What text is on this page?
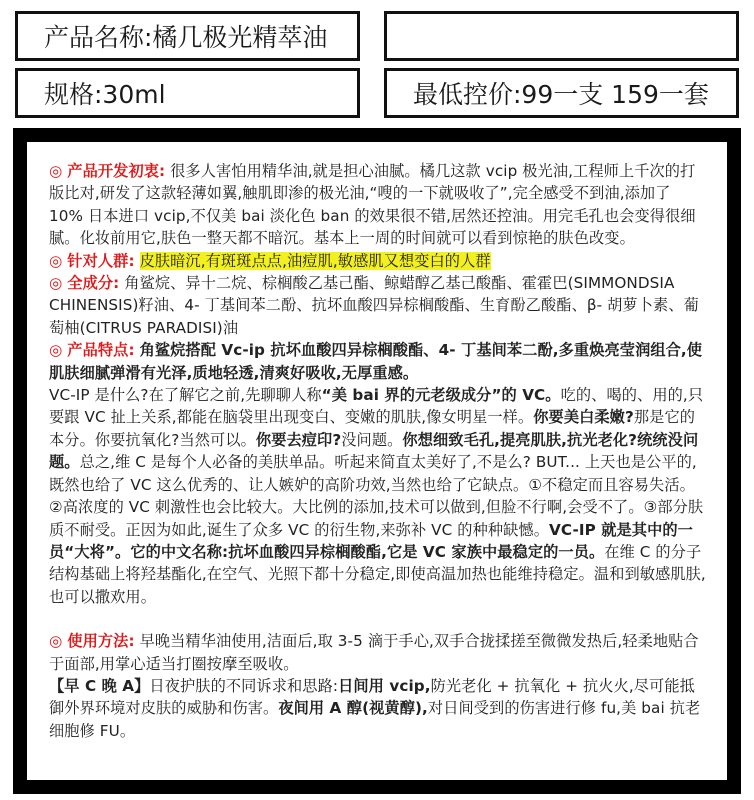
产品名称:橘几极光精萃油
规格:30ml	最低控价:99一支 159一套

◎ 产品开发初衷: 很多人害怕用精华油,就是担心油腻。橘几这款 vcip 极光油,工程师上千次的打版比对,研发了这款轻薄如翼,触肌即渗的极光油,“嗖的一下就吸收了”,完全感受不到油,添加了 10% 日本进口 vcip,不仅美 bai 淡化色 ban 的效果很不错,居然还控油。用完毛孔也会变得很细腻。化妆前用它,肤色一整天都不暗沉。基本上一周的时间就可以看到惊艳的肤色改变。

◎ 针对人群: 皮肤暗沉,有斑斑点点,油痘肌,敏感肌又想变白的人群

◎ 全成分: 角鲨烷、异十二烷、棕榈酸乙基己酯、鲸蜡醇乙基己酸酯、霍霍巴(SIMMONDSIA CHINENSIS)籽油、4- 丁基间苯二酚、抗坏血酸四异棕榈酸酯、生育酚乙酸酯、β- 胡萝卜素、葡萄柚(CITRUS PARADISI)油

◎ 产品特点: 角鲨烷搭配 Vc-ip 抗坏血酸四异棕榈酸酯、4- 丁基间苯二酚,多重焕亮莹润组合,使肌肤细腻弹滑有光泽,质地轻透,清爽好吸收,无厚重感。

VC-IP 是什么?在了解它之前,先聊聊人称“美 bai 界的元老级成分”的 VC。吃的、喝的、用的,只要跟 VC 扯上关系,都能在脑袋里出现变白、变嫩的肌肤,像女明星一样。你要美白柔嫩?那是它的本分。你要抗氧化?当然可以。你要去痘印?没问题。你想细致毛孔,提亮肌肤,抗光老化?统统没问题。总之,维 C 是每个人必备的美肤单品。听起来简直太美好了,不是么? BUT... 上天也是公平的,既然也给了 VC 这么优秀的、让人嫉妒的高阶功效,当然也给了它缺点。①不稳定而且容易失活。②高浓度的 VC 刺激性也会比较大。大比例的添加,技术可以做到,但脸不行啊,会受不了。③部分肤质不耐受。正因为如此,诞生了众多 VC 的衍生物,来弥补 VC 的种种缺憾。VC-IP 就是其中的一员“大将”。它的中文名称:抗坏血酸四异棕榈酸酯,它是 VC 家族中最稳定的一员。在维 C 的分子结构基础上将羟基酯化,在空气、光照下都十分稳定,即使高温加热也能维持稳定。温和到敏感肌肤,也可以撒欢用。

◎ 使用方法: 早晚当精华油使用,洁面后,取 3-5 滴于手心,双手合拢揉搓至微微发热后,轻柔地贴合于面部,用掌心适当打圈按摩至吸收。

【早 C 晚 A】日夜护肤的不同诉求和思路:日间用 vcip,防光老化 + 抗氧化 + 抗火火,尽可能抵御外界环境对皮肤的威胁和伤害。夜间用 A 醇(视黄醇),对日间受到的伤害进行修 fu,美 bai 抗老细胞修 FU。
